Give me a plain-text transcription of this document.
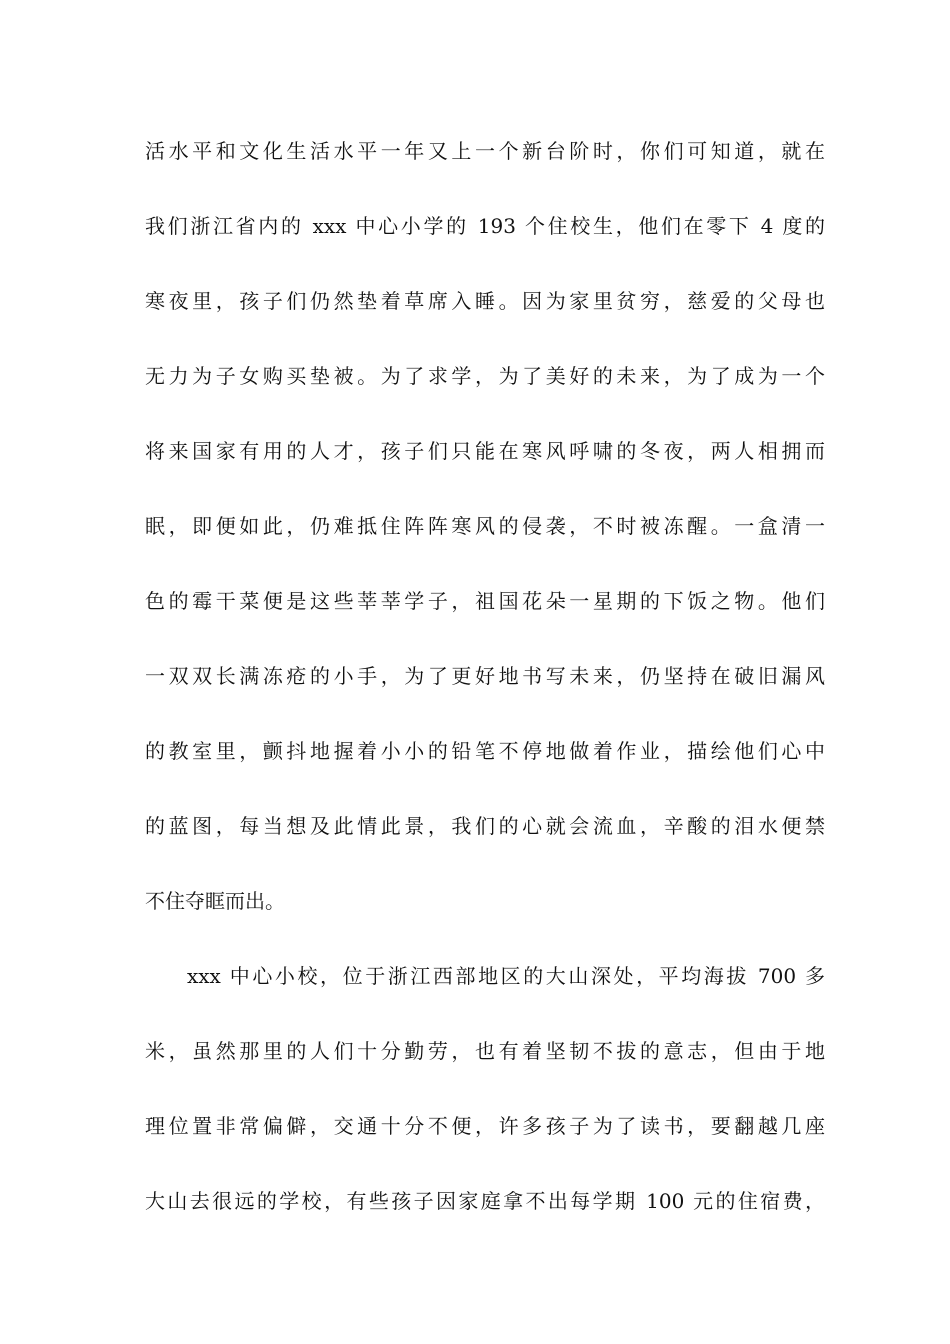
活水平和文化生活水平一年又上一个新台阶时，你们可知道，就在
我们浙江省内的 xxx 中心小学的 193 个住校生，他们在零下 4 度的
寒夜里，孩子们仍然垫着草席入睡。因为家里贫穷，慈爱的父母也
无力为子女购买垫被。为了求学，为了美好的未来，为了成为一个
将来国家有用的人才，孩子们只能在寒风呼啸的冬夜，两人相拥而
眠，即便如此，仍难抵住阵阵寒风的侵袭，不时被冻醒。一盒清一
色的霉干菜便是这些莘莘学子，祖国花朵一星期的下饭之物。他们
一双双长满冻疮的小手，为了更好地书写未来，仍坚持在破旧漏风
的教室里，颤抖地握着小小的铅笔不停地做着作业，描绘他们心中
的蓝图，每当想及此情此景，我们的心就会流血，辛酸的泪水便禁
不住夺眶而出。
xxx 中心小校，位于浙江西部地区的大山深处，平均海拔 700 多
米，虽然那里的人们十分勤劳，也有着坚韧不拔的意志，但由于地
理位置非常偏僻，交通十分不便，许多孩子为了读书，要翻越几座
大山去很远的学校，有些孩子因家庭拿不出每学期 100 元的住宿费，
